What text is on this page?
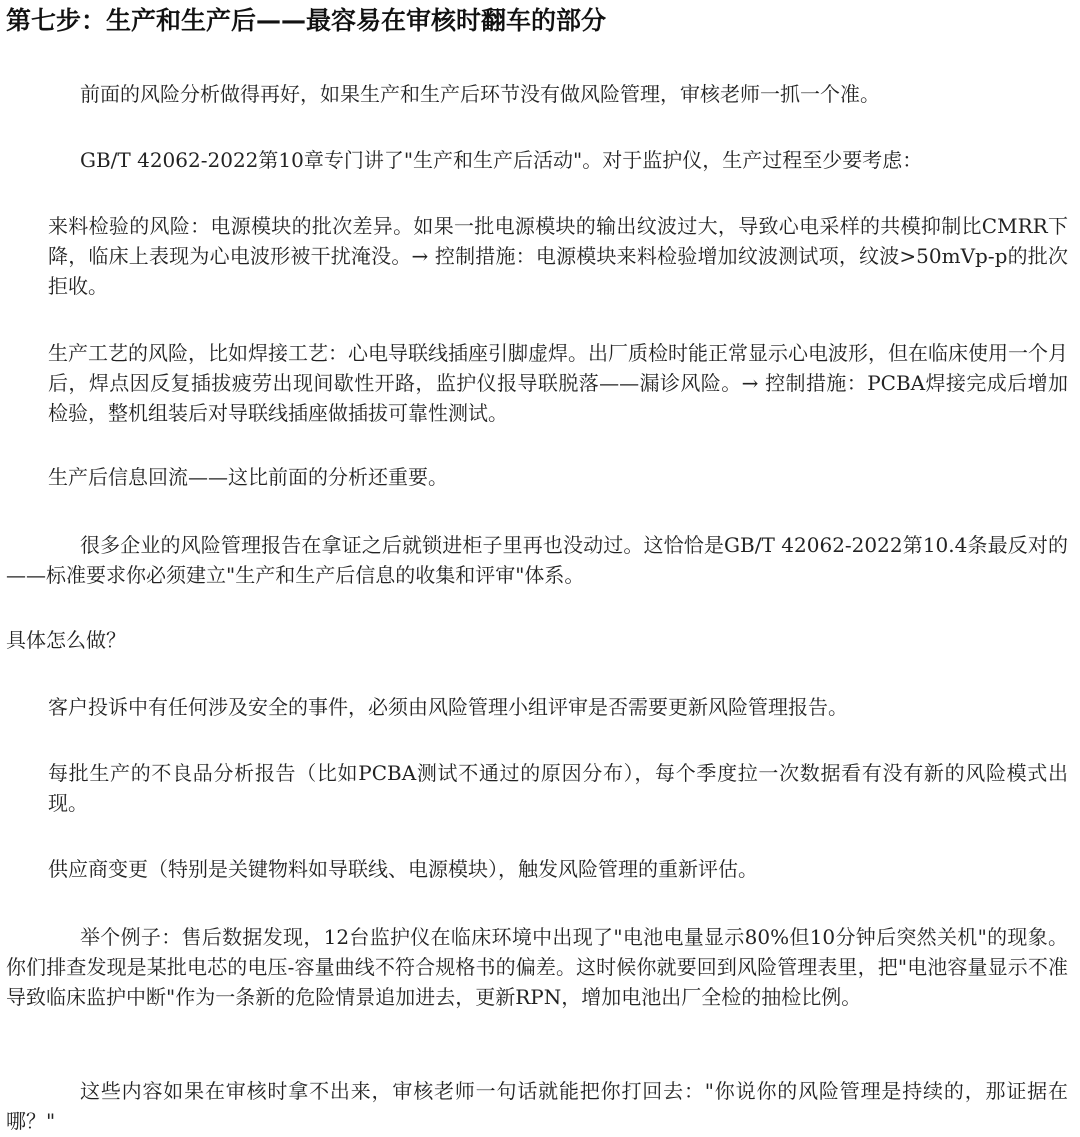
第七步：生产和生产后——最容易在审核时翻车的部分

前面的风险分析做得再好，如果生产和生产后环节没有做风险管理，审核老师一抓一个准。

GB/T 42062-2022第10章专门讲了"生产和生产后活动"。对于监护仪，生产过程至少要考虑：

来料检验的风险：电源模块的批次差异。如果一批电源模块的输出纹波过大，导致心电采样的共模抑制比CMRR下降，临床上表现为心电波形被干扰淹没。→ 控制措施：电源模块来料检验增加纹波测试项，纹波>50mVp-p的批次拒收。

生产工艺的风险，比如焊接工艺：心电导联线插座引脚虚焊。出厂质检时能正常显示心电波形，但在临床使用一个月后，焊点因反复插拔疲劳出现间歇性开路，监护仪报导联脱落——漏诊风险。→ 控制措施：PCBA焊接完成后增加检验，整机组装后对导联线插座做插拔可靠性测试。

生产后信息回流——这比前面的分析还重要。

很多企业的风险管理报告在拿证之后就锁进柜子里再也没动过。这恰恰是GB/T 42062-2022第10.4条最反对的——标准要求你必须建立"生产和生产后信息的收集和评审"体系。

具体怎么做？

客户投诉中有任何涉及安全的事件，必须由风险管理小组评审是否需要更新风险管理报告。

每批生产的不良品分析报告（比如PCBA测试不通过的原因分布），每个季度拉一次数据看有没有新的风险模式出现。

供应商变更（特别是关键物料如导联线、电源模块），触发风险管理的重新评估。

举个例子：售后数据发现，12台监护仪在临床环境中出现了"电池电量显示80%但10分钟后突然关机"的现象。你们排查发现是某批电芯的电压-容量曲线不符合规格书的偏差。这时候你就要回到风险管理表里，把"电池容量显示不准导致临床监护中断"作为一条新的危险情景追加进去，更新RPN，增加电池出厂全检的抽检比例。

这些内容如果在审核时拿不出来，审核老师一句话就能把你打回去："你说你的风险管理是持续的，那证据在哪？"
